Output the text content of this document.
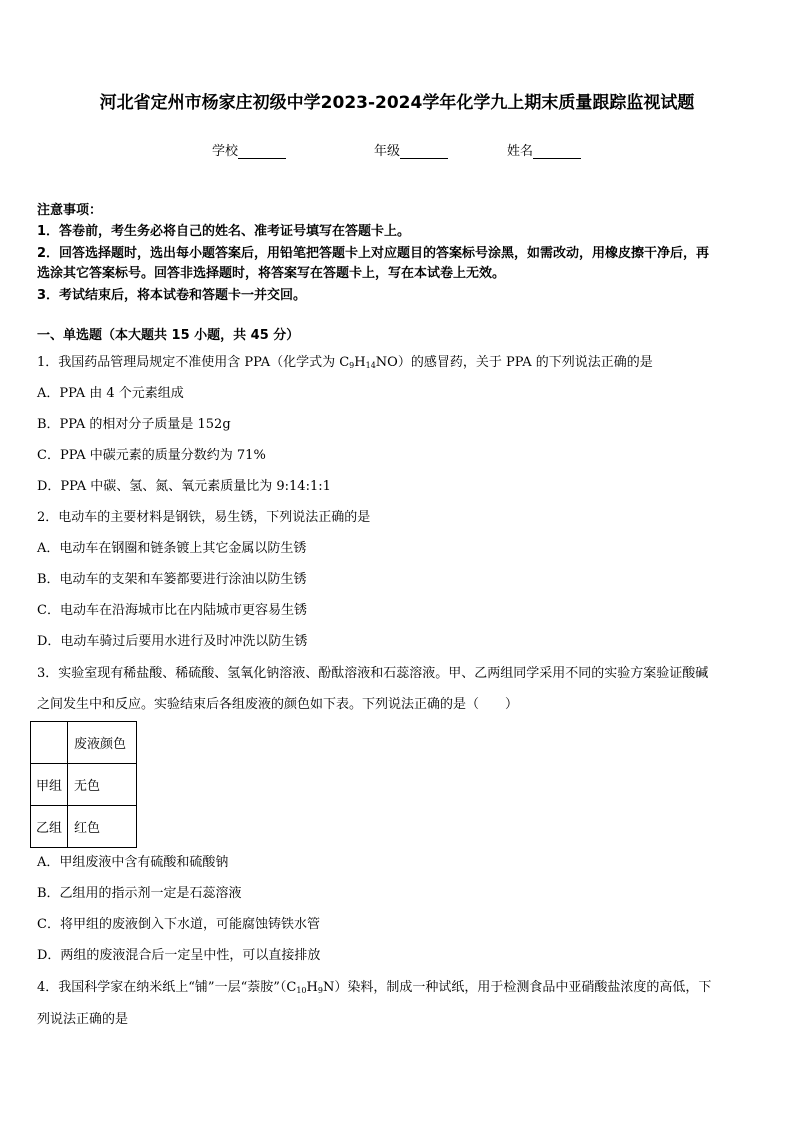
河北省定州市杨家庄初级中学2023-2024学年化学九上期末质量跟踪监视试题
学校	年级	姓名
注意事项：
1．答卷前，考生务必将自己的姓名、准考证号填写在答题卡上。
2．回答选择题时，选出每小题答案后，用铅笔把答题卡上对应题目的答案标号涂黑，如需改动，用橡皮擦干净后，再
选涂其它答案标号。回答非选择题时，将答案写在答题卡上，写在本试卷上无效。
3．考试结束后，将本试卷和答题卡一并交回。
一、单选题（本大题共 15 小题，共 45 分）
1．我国药品管理局规定不准使用含 PPA（化学式为 $C_9H_{14}NO$）的感冒药，关于 PPA 的下列说法正确的是
A．PPA 由 4 个元素组成
B．PPA 的相对分子质量是 152g
C．PPA 中碳元素的质量分数约为 71%
D．PPA 中碳、氢、氮、氧元素质量比为 9:14:1:1
2．电动车的主要材料是钢铁，易生锈，下列说法正确的是
A．电动车在钢圈和链条镀上其它金属以防生锈
B．电动车的支架和车篓都要进行涂油以防生锈
C．电动车在沿海城市比在内陆城市更容易生锈
D．电动车骑过后要用水进行及时冲洗以防生锈
3．实验室现有稀盐酸、稀硫酸、氢氧化钠溶液、酚酞溶液和石蕊溶液。甲、乙两组同学采用不同的实验方案验证酸碱
之间发生中和反应。实验结束后各组废液的颜色如下表。下列说法正确的是（　　）
	废液颜色
甲组	无色
乙组	红色
A．甲组废液中含有硫酸和硫酸钠
B．乙组用的指示剂一定是石蕊溶液
C．将甲组的废液倒入下水道，可能腐蚀铸铁水管
D．两组的废液混合后一定呈中性，可以直接排放
4．我国科学家在纳米纸上“铺”一层“萘胺$”(C_{10}H_9N)$染料，制成一种试纸，用于检测食品中亚硝酸盐浓度的高低，下
列说法正确的是
